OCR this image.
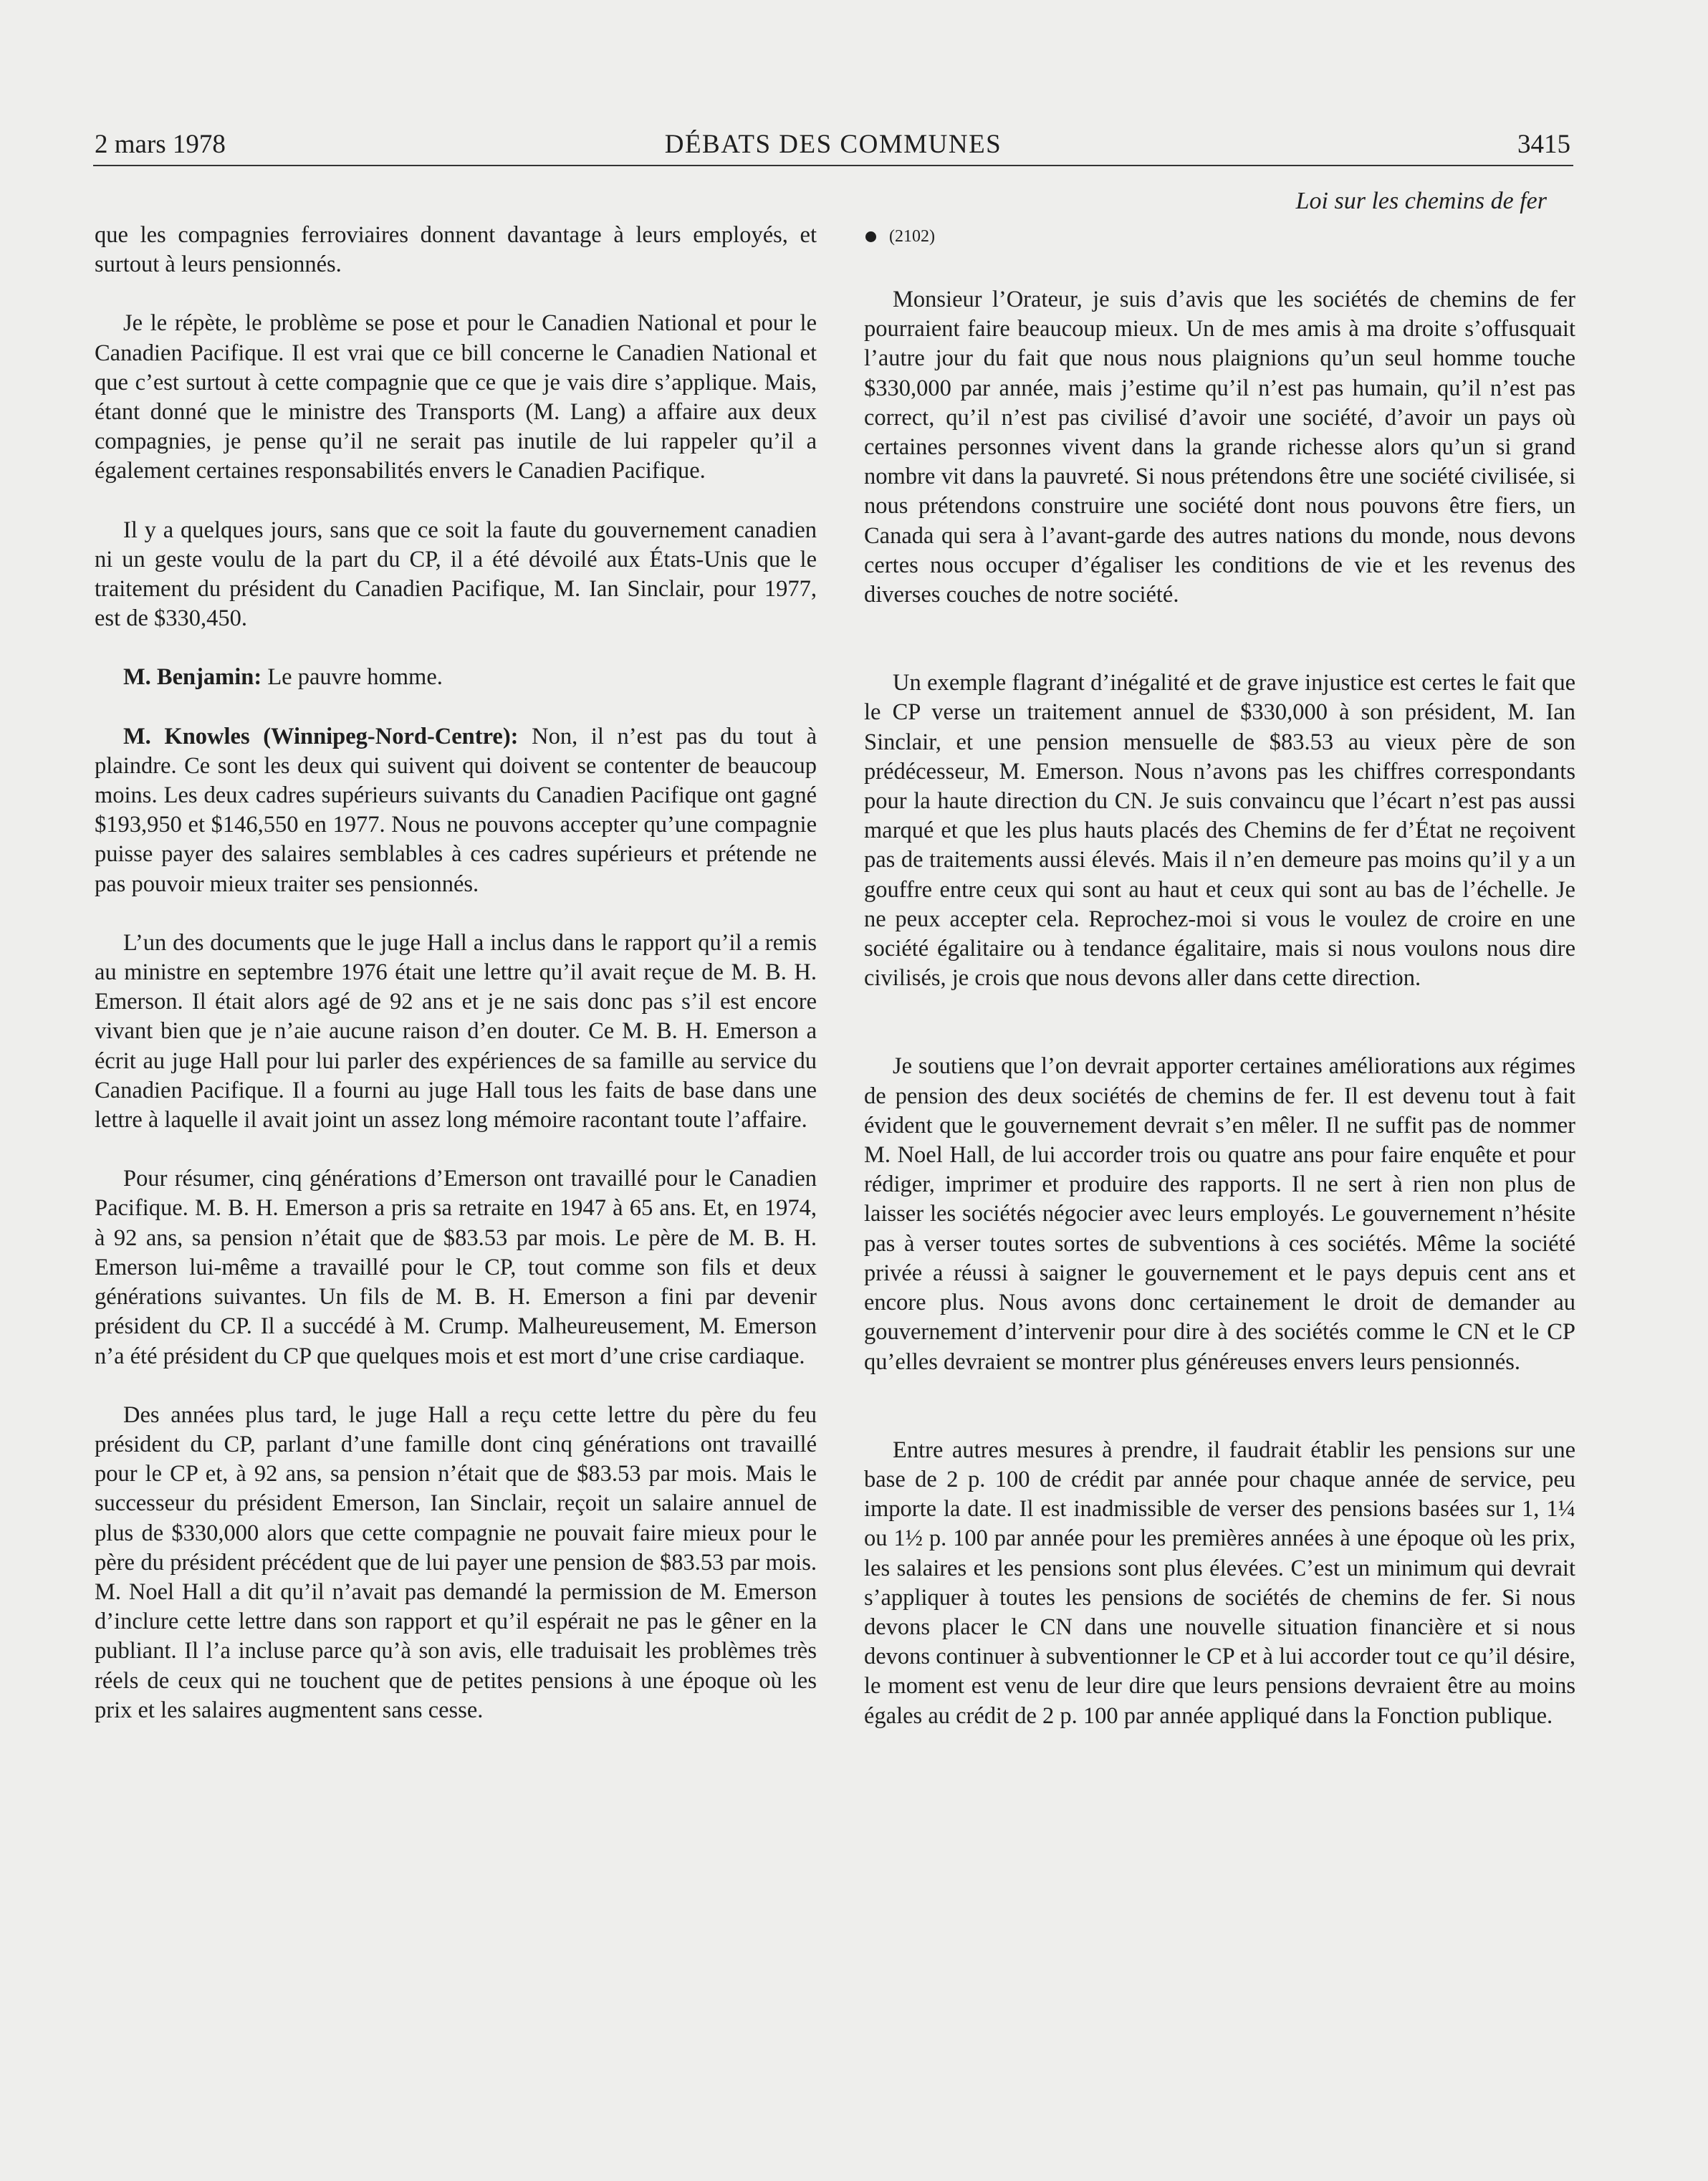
2 mars 1978	DÉBATS DES COMMUNES	3415

que les compagnies ferroviaires donnent davantage à leurs employés, et surtout à leurs pensionnés.

Je le répète, le problème se pose et pour le Canadien National et pour le Canadien Pacifique. Il est vrai que ce bill concerne le Canadien National et que c’est surtout à cette compagnie que ce que je vais dire s’applique. Mais, étant donné que le ministre des Transports (M. Lang) a affaire aux deux compagnies, je pense qu’il ne serait pas inutile de lui rappeler qu’il a également certaines responsabilités envers le Canadien Pacifique.

Il y a quelques jours, sans que ce soit la faute du gouvernement canadien ni un geste voulu de la part du CP, il a été dévoilé aux États-Unis que le traitement du président du Canadien Pacifique, M. Ian Sinclair, pour 1977, est de $330,450.

M. Benjamin: Le pauvre homme.

M. Knowles (Winnipeg-Nord-Centre): Non, il n’est pas du tout à plaindre. Ce sont les deux qui suivent qui doivent se contenter de beaucoup moins. Les deux cadres supérieurs suivants du Canadien Pacifique ont gagné $193,950 et $146,550 en 1977. Nous ne pouvons accepter qu’une compagnie puisse payer des salaires semblables à ces cadres supérieurs et prétende ne pas pouvoir mieux traiter ses pensionnés.

L’un des documents que le juge Hall a inclus dans le rapport qu’il a remis au ministre en septembre 1976 était une lettre qu’il avait reçue de M. B. H. Emerson. Il était alors agé de 92 ans et je ne sais donc pas s’il est encore vivant bien que je n’aie aucune raison d’en douter. Ce M. B. H. Emerson a écrit au juge Hall pour lui parler des expériences de sa famille au service du Canadien Pacifique. Il a fourni au juge Hall tous les faits de base dans une lettre à laquelle il avait joint un assez long mémoire racontant toute l’affaire.

Pour résumer, cinq générations d’Emerson ont travaillé pour le Canadien Pacifique. M. B. H. Emerson a pris sa retraite en 1947 à 65 ans. Et, en 1974, à 92 ans, sa pension n’était que de $83.53 par mois. Le père de M. B. H. Emerson lui-même a travaillé pour le CP, tout comme son fils et deux générations suivantes. Un fils de M. B. H. Emerson a fini par devenir président du CP. Il a succédé à M. Crump. Malheureusement, M. Emerson n’a été président du CP que quelques mois et est mort d’une crise cardiaque.

Des années plus tard, le juge Hall a reçu cette lettre du père du feu président du CP, parlant d’une famille dont cinq générations ont travaillé pour le CP et, à 92 ans, sa pension n’était que de $83.53 par mois. Mais le successeur du président Emerson, Ian Sinclair, reçoit un salaire annuel de plus de $330,000 alors que cette compagnie ne pouvait faire mieux pour le père du président précédent que de lui payer une pension de $83.53 par mois. M. Noel Hall a dit qu’il n’avait pas demandé la permission de M. Emerson d’inclure cette lettre dans son rapport et qu’il espérait ne pas le gêner en la publiant. Il l’a incluse parce qu’à son avis, elle traduisait les problèmes très réels de ceux qui ne touchent que de petites pensions à une époque où les prix et les salaires augmentent sans cesse.

Loi sur les chemins de fer
(2102)

Monsieur l’Orateur, je suis d’avis que les sociétés de chemins de fer pourraient faire beaucoup mieux. Un de mes amis à ma droite s’offusquait l’autre jour du fait que nous nous plaignions qu’un seul homme touche $330,000 par année, mais j’estime qu’il n’est pas humain, qu’il n’est pas correct, qu’il n’est pas civilisé d’avoir une société, d’avoir un pays où certaines personnes vivent dans la grande richesse alors qu’un si grand nombre vit dans la pauvreté. Si nous prétendons être une société civilisée, si nous prétendons construire une société dont nous pouvons être fiers, un Canada qui sera à l’avant-garde des autres nations du monde, nous devons certes nous occuper d’égaliser les conditions de vie et les revenus des diverses couches de notre société.

Un exemple flagrant d’inégalité et de grave injustice est certes le fait que le CP verse un traitement annuel de $330,000 à son président, M. Ian Sinclair, et une pension mensuelle de $83.53 au vieux père de son prédécesseur, M. Emerson. Nous n’avons pas les chiffres correspondants pour la haute direction du CN. Je suis convaincu que l’écart n’est pas aussi marqué et que les plus hauts placés des Chemins de fer d’État ne reçoivent pas de traitements aussi élevés. Mais il n’en demeure pas moins qu’il y a un gouffre entre ceux qui sont au haut et ceux qui sont au bas de l’échelle. Je ne peux accepter cela. Reprochez-moi si vous le voulez de croire en une société égalitaire ou à tendance égalitaire, mais si nous voulons nous dire civilisés, je crois que nous devons aller dans cette direction.

Je soutiens que l’on devrait apporter certaines améliorations aux régimes de pension des deux sociétés de chemins de fer. Il est devenu tout à fait évident que le gouvernement devrait s’en mêler. Il ne suffit pas de nommer M. Noel Hall, de lui accorder trois ou quatre ans pour faire enquête et pour rédiger, imprimer et produire des rapports. Il ne sert à rien non plus de laisser les sociétés négocier avec leurs employés. Le gouvernement n’hésite pas à verser toutes sortes de subventions à ces sociétés. Même la société privée a réussi à saigner le gouvernement et le pays depuis cent ans et encore plus. Nous avons donc certainement le droit de demander au gouvernement d’intervenir pour dire à des sociétés comme le CN et le CP qu’elles devraient se montrer plus généreuses envers leurs pensionnés.

Entre autres mesures à prendre, il faudrait établir les pensions sur une base de 2 p. 100 de crédit par année pour chaque année de service, peu importe la date. Il est inadmissible de verser des pensions basées sur 1, 1¼ ou 1½ p. 100 par année pour les premières années à une époque où les prix, les salaires et les pensions sont plus élevées. C’est un minimum qui devrait s’appliquer à toutes les pensions de sociétés de chemins de fer. Si nous devons placer le CN dans une nouvelle situation financière et si nous devons continuer à subventionner le CP et à lui accorder tout ce qu’il désire, le moment est venu de leur dire que leurs pensions devraient être au moins égales au crédit de 2 p. 100 par année appliqué dans la Fonction publique.
